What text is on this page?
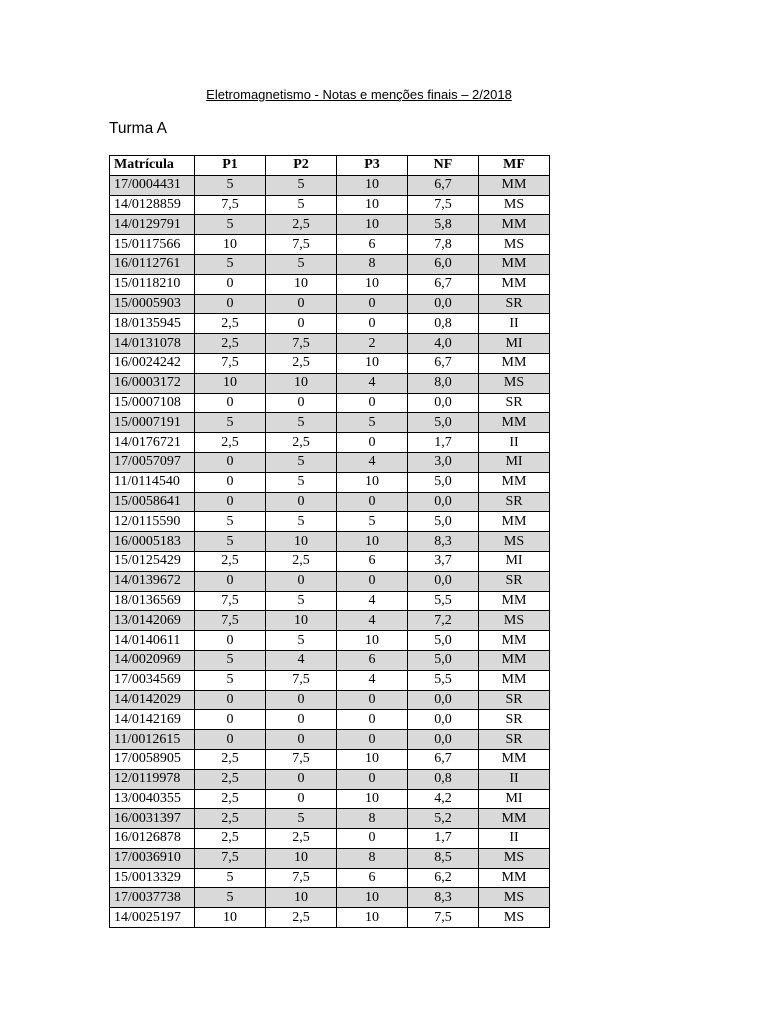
Eletromagnetismo - Notas e menções finais – 2/2018
Turma A
Matrícula	P1	P2	P3	NF	MF
17/0004431	5	5	10	6,7	MM
14/0128859	7,5	5	10	7,5	MS
14/0129791	5	2,5	10	5,8	MM
15/0117566	10	7,5	6	7,8	MS
16/0112761	5	5	8	6,0	MM
15/0118210	0	10	10	6,7	MM
15/0005903	0	0	0	0,0	SR
18/0135945	2,5	0	0	0,8	II
14/0131078	2,5	7,5	2	4,0	MI
16/0024242	7,5	2,5	10	6,7	MM
16/0003172	10	10	4	8,0	MS
15/0007108	0	0	0	0,0	SR
15/0007191	5	5	5	5,0	MM
14/0176721	2,5	2,5	0	1,7	II
17/0057097	0	5	4	3,0	MI
11/0114540	0	5	10	5,0	MM
15/0058641	0	0	0	0,0	SR
12/0115590	5	5	5	5,0	MM
16/0005183	5	10	10	8,3	MS
15/0125429	2,5	2,5	6	3,7	MI
14/0139672	0	0	0	0,0	SR
18/0136569	7,5	5	4	5,5	MM
13/0142069	7,5	10	4	7,2	MS
14/0140611	0	5	10	5,0	MM
14/0020969	5	4	6	5,0	MM
17/0034569	5	7,5	4	5,5	MM
14/0142029	0	0	0	0,0	SR
14/0142169	0	0	0	0,0	SR
11/0012615	0	0	0	0,0	SR
17/0058905	2,5	7,5	10	6,7	MM
12/0119978	2,5	0	0	0,8	II
13/0040355	2,5	0	10	4,2	MI
16/0031397	2,5	5	8	5,2	MM
16/0126878	2,5	2,5	0	1,7	II
17/0036910	7,5	10	8	8,5	MS
15/0013329	5	7,5	6	6,2	MM
17/0037738	5	10	10	8,3	MS
14/0025197	10	2,5	10	7,5	MS
